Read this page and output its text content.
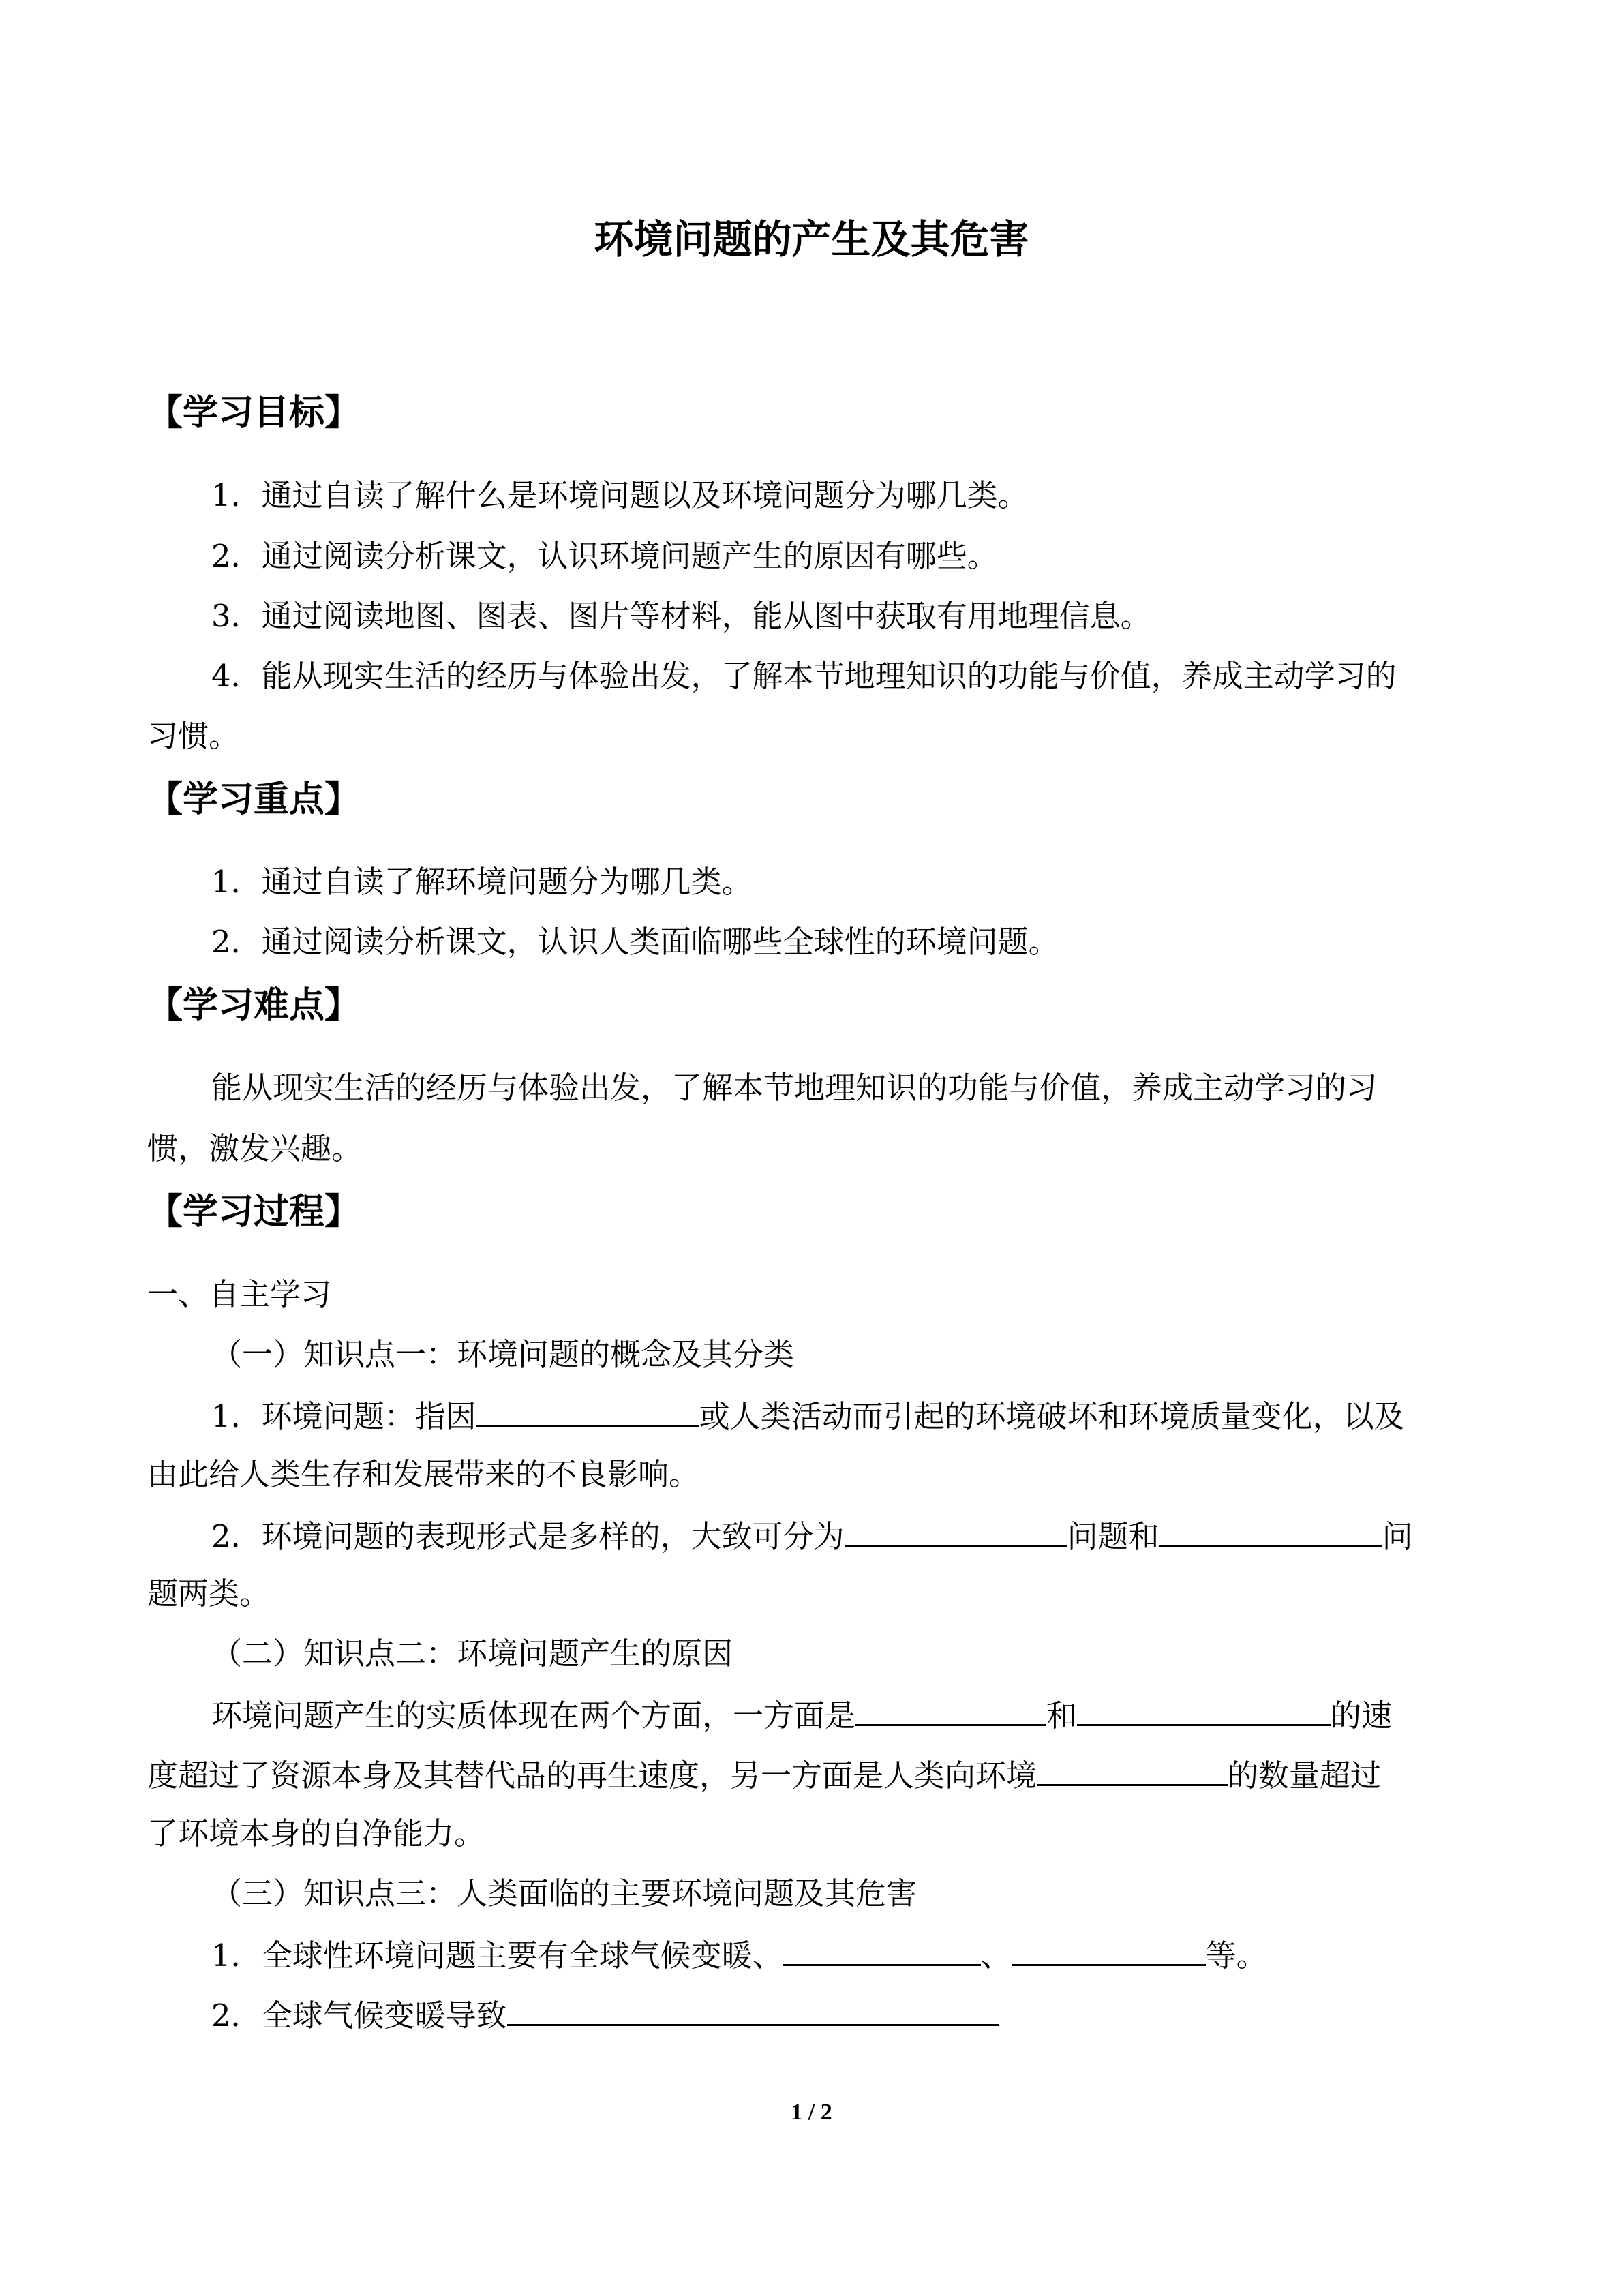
环境问题的产生及其危害
【学习目标】
1．通过自读了解什么是环境问题以及环境问题分为哪几类。
2．通过阅读分析课文，认识环境问题产生的原因有哪些。
3．通过阅读地图、图表、图片等材料，能从图中获取有用地理信息。
4．能从现实生活的经历与体验出发，了解本节地理知识的功能与价值，养成主动学习的
习惯。
【学习重点】
1．通过自读了解环境问题分为哪几类。
2．通过阅读分析课文，认识人类面临哪些全球性的环境问题。
【学习难点】
能从现实生活的经历与体验出发，了解本节地理知识的功能与价值，养成主动学习的习
惯，激发兴趣。
【学习过程】
一、自主学习
（一）知识点一：环境问题的概念及其分类
1．环境问题：指因	或人类活动而引起的环境破坏和环境质量变化，以及
由此给人类生存和发展带来的不良影响。
2．环境问题的表现形式是多样的，大致可分为	问题和	问
题两类。
（二）知识点二：环境问题产生的原因
环境问题产生的实质体现在两个方面，一方面是	和	的速
度超过了资源本身及其替代品的再生速度，另一方面是人类向环境	的数量超过
了环境本身的自净能力。
（三）知识点三：人类面临的主要环境问题及其危害
1．全球性环境问题主要有全球气候变暖、	、	等。
2．全球气候变暖导致
1 / 2
